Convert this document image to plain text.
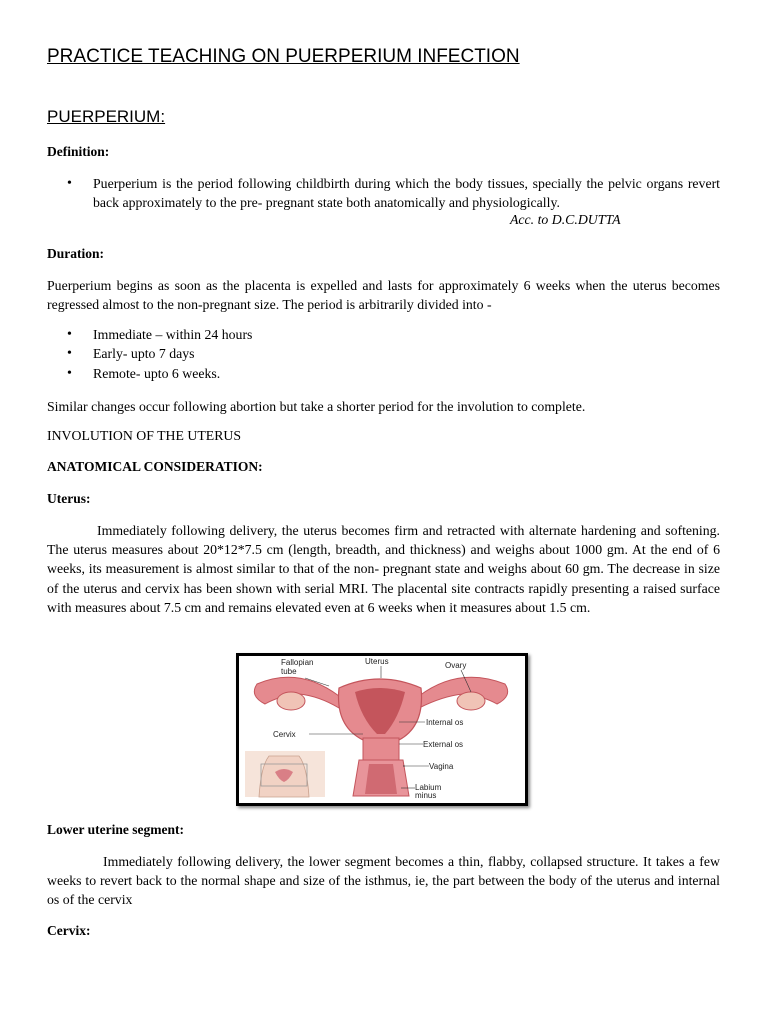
PRACTICE TEACHING ON PUERPERIUM INFECTION
PUERPERIUM:
Definition:
• Puerperium is the period following childbirth during which the body tissues, specially the pelvic organs revert back approximately to the pre- pregnant state both anatomically and physiologically.
Acc. to D.C.DUTTA
Duration:
Puerperium begins as soon as the placenta is expelled and lasts for approximately 6 weeks when the uterus becomes regressed almost to the non-pregnant size. The period is arbitrarily divided into -
• Immediate – within 24 hours
• Early- upto 7 days
• Remote- upto 6 weeks.
Similar changes occur following abortion but take a shorter period for the involution to complete.
INVOLUTION OF THE UTERUS
ANATOMICAL CONSIDERATION:
Uterus:
Immediately following delivery, the uterus becomes firm and retracted with alternate hardening and softening. The uterus measures about 20*12*7.5 cm (length, breadth, and thickness) and weighs about 1000 gm. At the end of 6 weeks, its measurement is almost similar to that of the non- pregnant state and weighs about 60 gm. The decrease in size of the uterus and cervix has been shown with serial MRI. The placental site contracts rapidly presenting a raised surface with measures about 7.5 cm and remains elevated even at 6 weeks when it measures about 1.5 cm.
Lower uterine segment:
Immediately following delivery, the lower segment becomes a thin, flabby, collapsed structure. It takes a few weeks to revert back to the normal shape and size of the isthmus, ie, the part between the body of the uterus and internal os of the cervix
Cervix:
Fallopian
tube
Uterus	Ovary
Cervix
Internal os
External os
Vagina
Labium
minus
